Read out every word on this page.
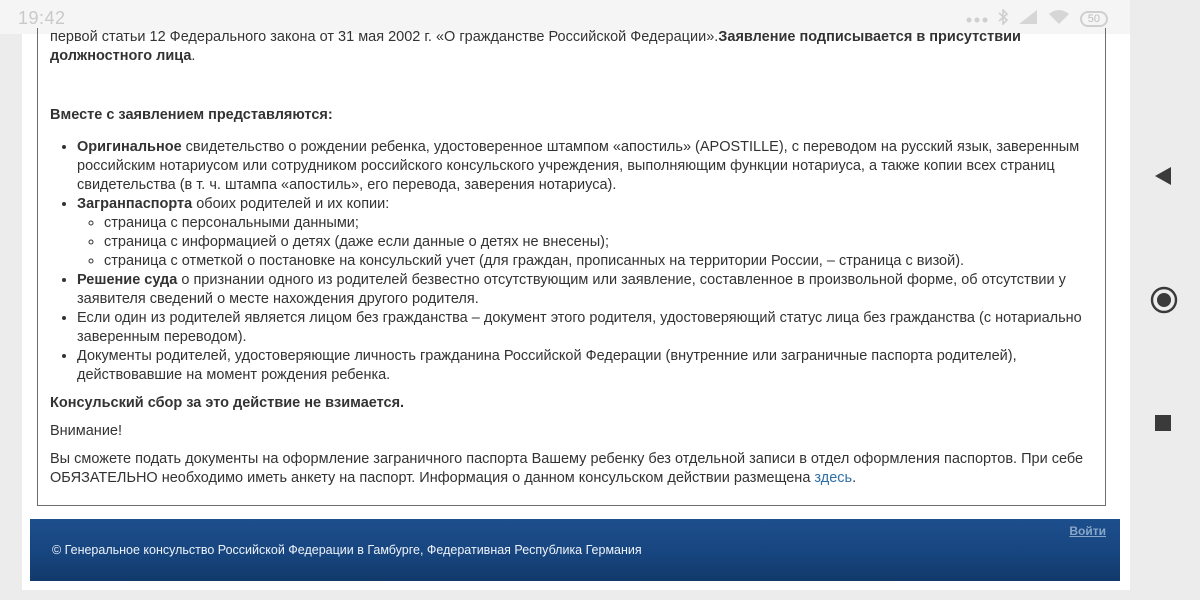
19:42	50

первой статьи 12 Федерального закона от 31 мая 2002 г. «О гражданстве Российской Федерации».Заявление подписывается в присутствии должностного лица.

Вместе с заявлением представляются:

• Оригинальное свидетельство о рождении ребенка, удостоверенное штампом «апостиль» (APOSTILLE), с переводом на русский язык, заверенным российским нотариусом или сотрудником российского консульского учреждения, выполняющим функции нотариуса, а также копии всех страниц свидетельства (в т. ч. штампа «апостиль», его перевода, заверения нотариуса).
• Загранпаспорта обоих родителей и их копии:
◦ страница с персональными данными;
◦ страница с информацией о детях (даже если данные о детях не внесены);
◦ страница с отметкой о постановке на консульский учет (для граждан, прописанных на территории России, – страница с визой).
• Решение суда о признании одного из родителей безвестно отсутствующим или заявление, составленное в произвольной форме, об отсутствии у заявителя сведений о месте нахождения другого родителя.
• Если один из родителей является лицом без гражданства – документ этого родителя, удостоверяющий статус лица без гражданства (с нотариально заверенным переводом).
• Документы родителей, удостоверяющие личность гражданина Российской Федерации (внутренние или заграничные паспорта родителей), действовавшие на момент рождения ребенка.

Консульский сбор за это действие не взимается.

Внимание!

Вы сможете подать документы на оформление заграничного паспорта Вашему ребенку без отдельной записи в отдел оформления паспортов. При себе ОБЯЗАТЕЛЬНО необходимо иметь анкету на паспорт. Информация о данном консульском действии размещена здесь.

Войти
© Генеральное консульство Российской Федерации в Гамбурге, Федеративная Республика Германия
